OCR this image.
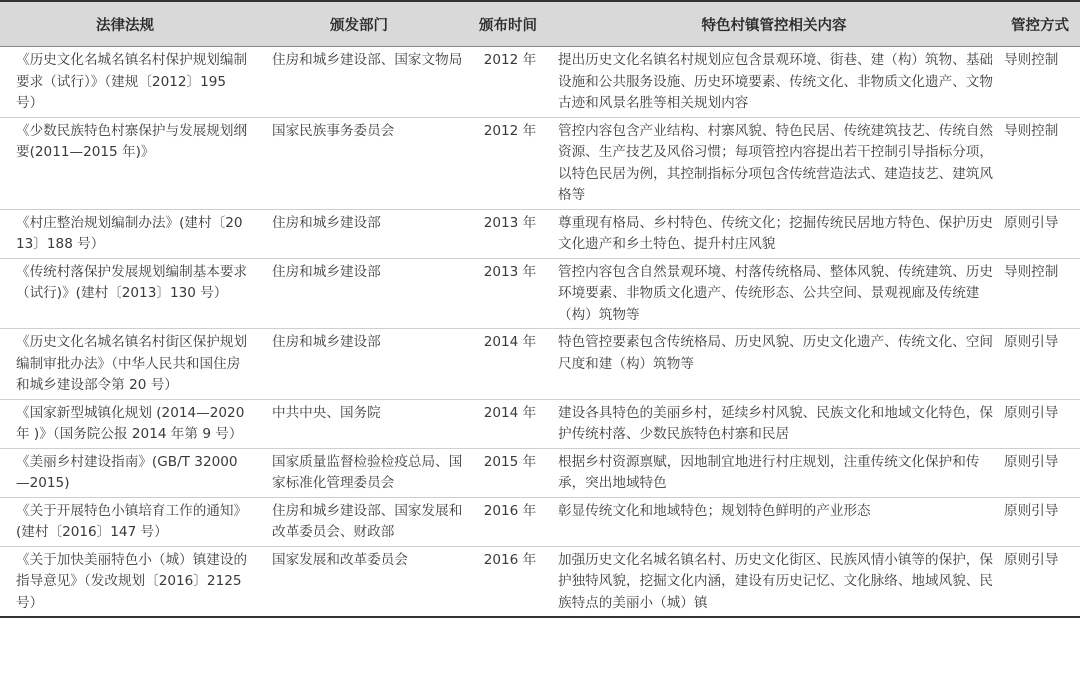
法律法规	颁发部门	颁布时间	特色村镇管控相关内容	管控方式
《历史文化名城名镇名村保护规划编制要求（试行）》（建规〔2012〕195 号）	住房和城乡建设部、国家文物局	2012 年	提出历史文化名镇名村规划应包含景观环境、街巷、建（构）筑物、基础设施和公共服务设施、历史环境要素、传统文化、非物质文化遗产、文物古迹和风景名胜等相关规划内容	导则控制
《少数民族特色村寨保护与发展规划纲要(2011—2015 年)》	国家民族事务委员会	2012 年	管控内容包含产业结构、村寨风貌、特色民居、传统建筑技艺、传统自然资源、生产技艺及风俗习惯；每项管控内容提出若干控制引导指标分项，以特色民居为例，其控制指标分项包含传统营造法式、建造技艺、建筑风格等	导则控制
《村庄整治规划编制办法》(建村〔2013〕188 号）	住房和城乡建设部	2013 年	尊重现有格局、乡村特色、传统文化；挖掘传统民居地方特色、保护历史文化遗产和乡土特色、提升村庄风貌	原则引导
《传统村落保护发展规划编制基本要求（试行)》(建村〔2013〕130 号）	住房和城乡建设部	2013 年	管控内容包含自然景观环境、村落传统格局、整体风貌、传统建筑、历史环境要素、非物质文化遗产、传统形态、公共空间、景观视廊及传统建（构）筑物等	导则控制
《历史文化名城名镇名村街区保护规划编制审批办法》（中华人民共和国住房和城乡建设部令第 20 号）	住房和城乡建设部	2014 年	特色管控要素包含传统格局、历史风貌、历史文化遗产、传统文化、空间尺度和建（构）筑物等	原则引导
《国家新型城镇化规划 (2014—2020 年 )》（国务院公报 2014 年第 9 号）	中共中央、国务院	2014 年	建设各具特色的美丽乡村，延续乡村风貌、民族文化和地域文化特色，保护传统村落、少数民族特色村寨和民居	原则引导
《美丽乡村建设指南》(GB/T 32000—2015)	国家质量监督检验检疫总局、国家标准化管理委员会	2015 年	根据乡村资源禀赋，因地制宜地进行村庄规划，注重传统文化保护和传承，突出地域特色	原则引导
《关于开展特色小镇培育工作的通知》(建村〔2016〕147 号）	住房和城乡建设部、国家发展和改革委员会、财政部	2016 年	彰显传统文化和地域特色；规划特色鲜明的产业形态	原则引导
《关于加快美丽特色小（城）镇建设的指导意见》（发改规划〔2016〕2125 号）	国家发展和改革委员会	2016 年	加强历史文化名城名镇名村、历史文化街区、民族风情小镇等的保护，保护独特风貌，挖掘文化内涵，建设有历史记忆、文化脉络、地域风貌、民族特点的美丽小（城）镇	原则引导
